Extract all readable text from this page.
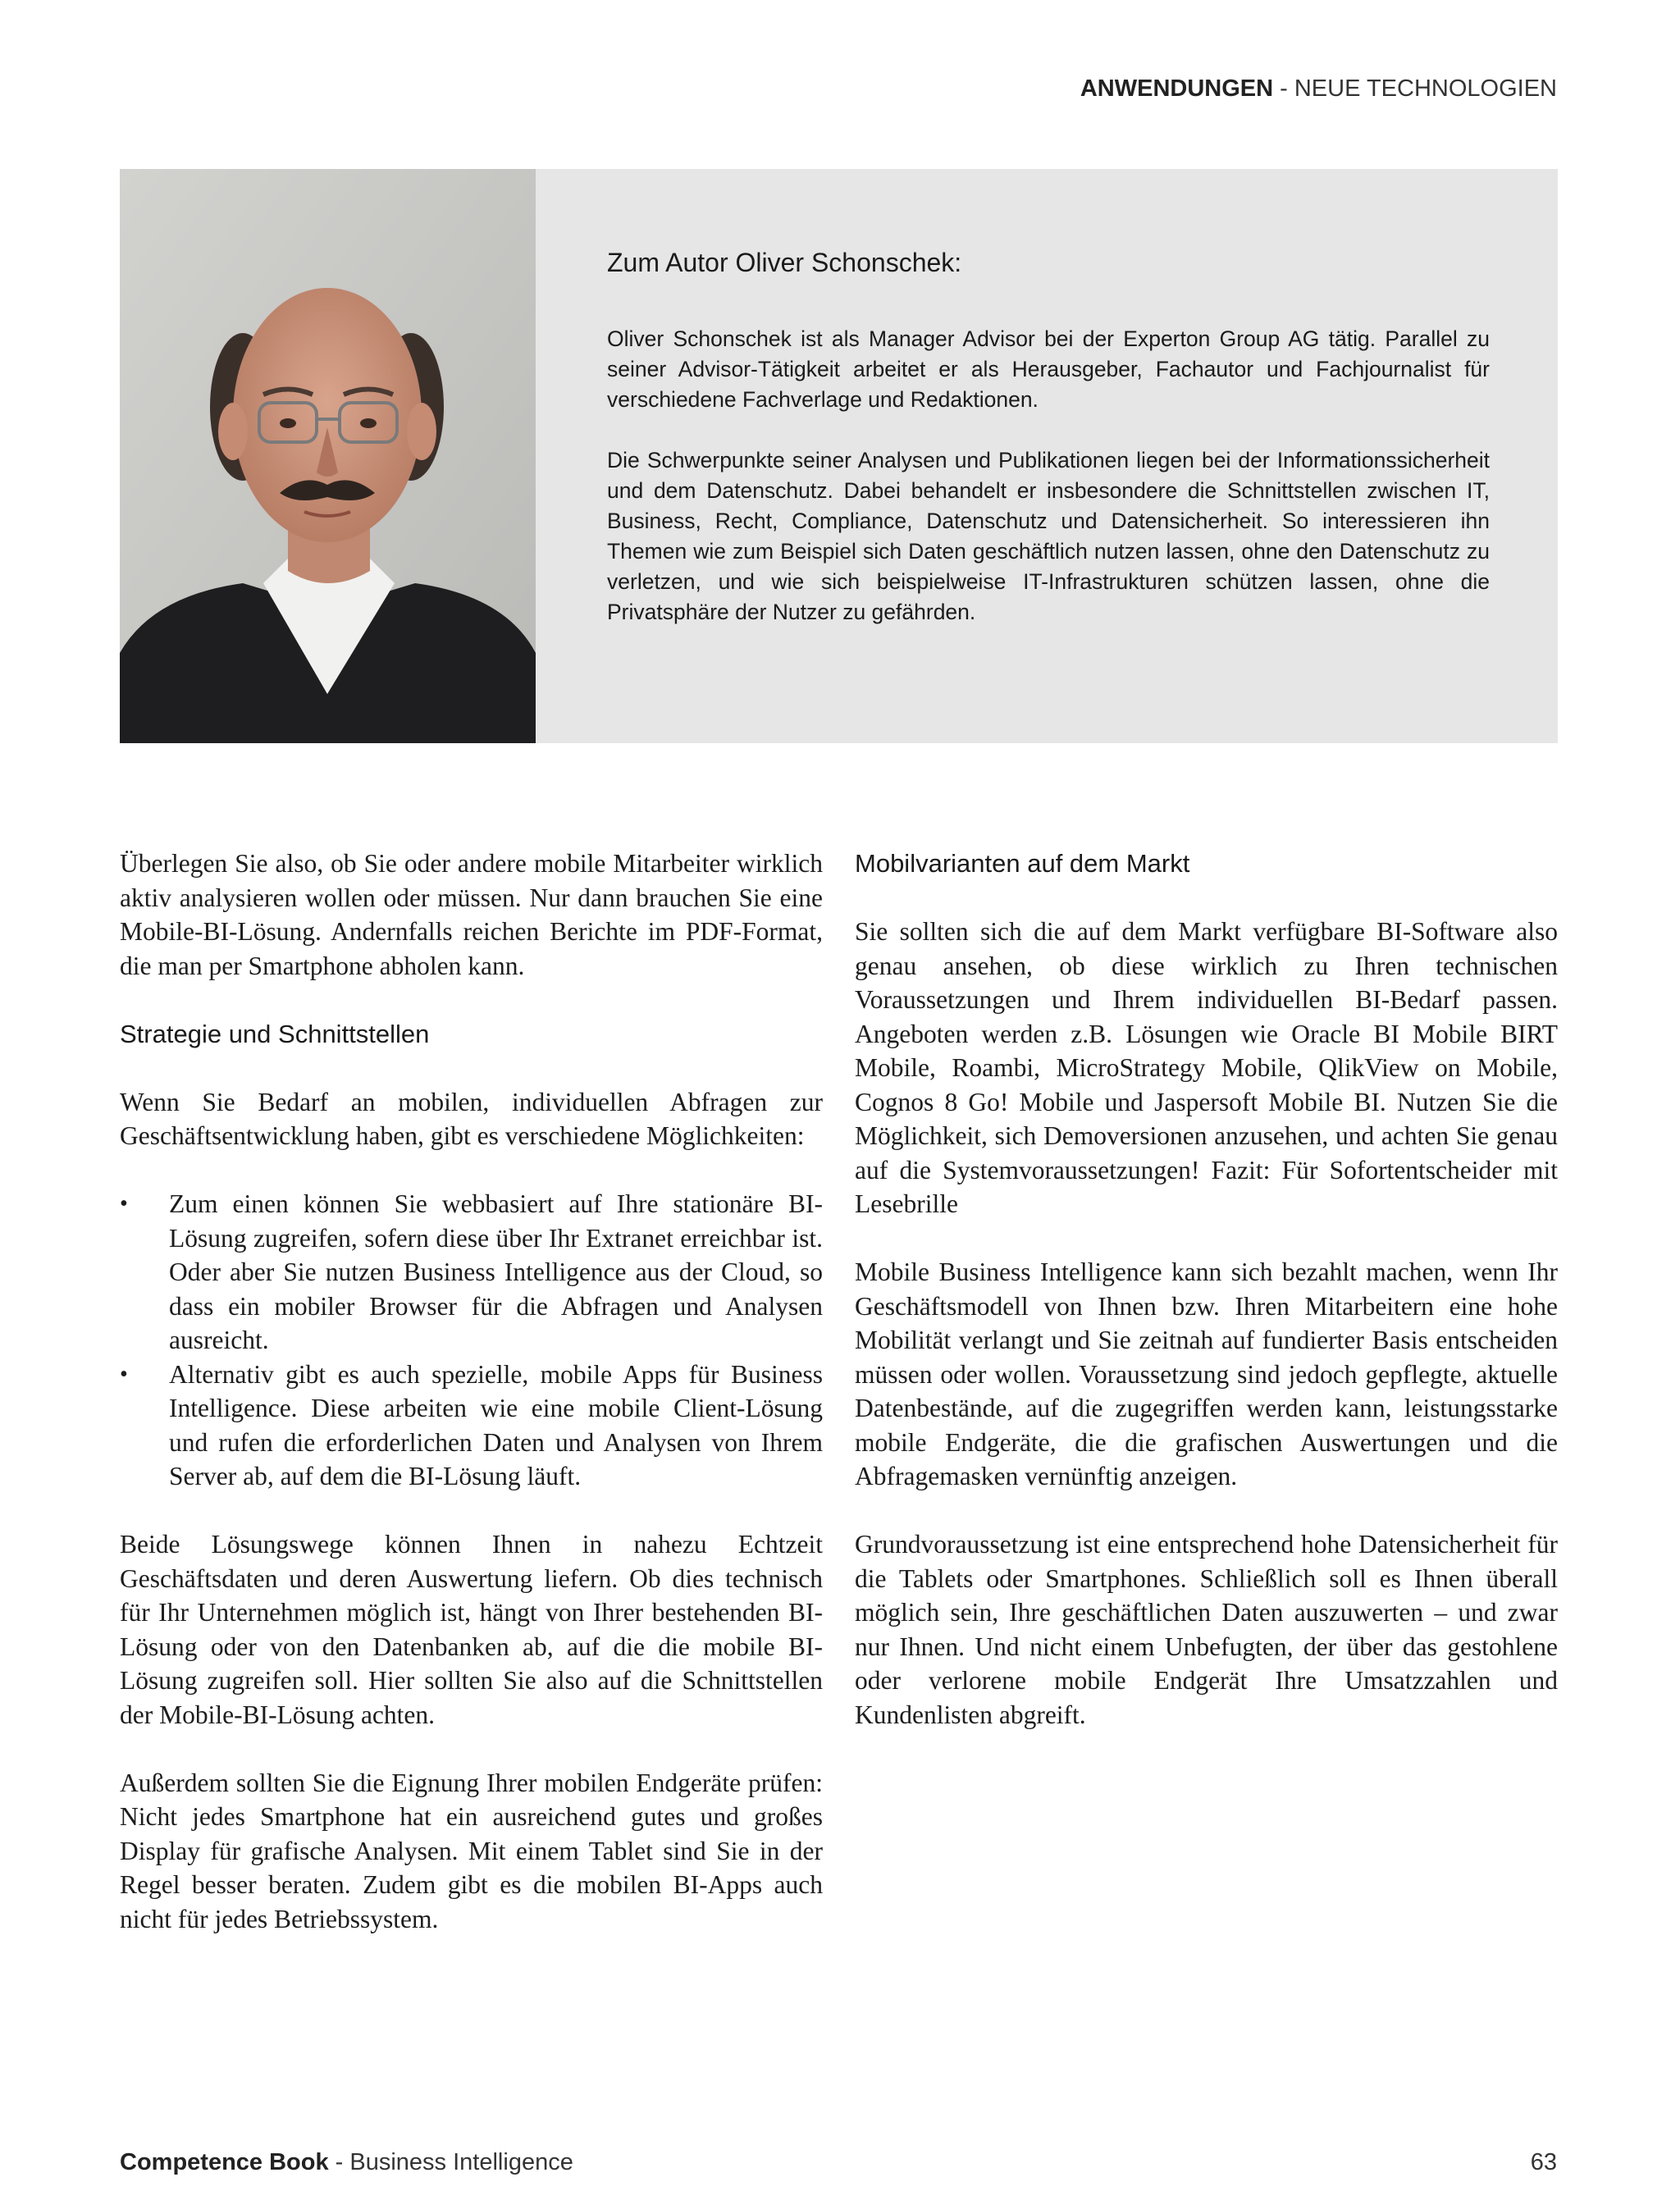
ANWENDUNGEN - NEUE TECHNOLOGIEN
Zum Autor Oliver Schonschek:

Oliver Schonschek ist als Manager Advisor bei der Experton Group AG tätig. Parallel zu seiner Advisor-Tätigkeit arbeitet er als Herausgeber, Fachautor und Fachjournalist für verschiedene Fachverlage und Redaktionen.

Die Schwerpunkte seiner Analysen und Publikationen liegen bei der Informationssicherheit und dem Datenschutz. Dabei behandelt er insbesondere die Schnittstellen zwischen IT, Business, Recht, Compliance, Datenschutz und Datensicherheit. So interessieren ihn Themen wie zum Beispiel sich Daten geschäftlich nutzen lassen, ohne den Datenschutz zu verletzen, und wie sich beispielweise IT-Infrastrukturen schützen lassen, ohne die Privatsphäre der Nutzer zu gefährden.

Überlegen Sie also, ob Sie oder andere mobile Mitarbeiter wirklich aktiv analysieren wollen oder müssen. Nur dann brauchen Sie eine Mobile-BI-Lösung. Andernfalls reichen Berichte im PDF-Format, die man per Smartphone abholen kann.

Strategie und Schnittstellen

Wenn Sie Bedarf an mobilen, individuellen Abfragen zur Geschäftsentwicklung haben, gibt es verschiedene Möglichkeiten:

• Zum einen können Sie webbasiert auf Ihre stationäre BI-Lösung zugreifen, sofern diese über Ihr Extranet erreichbar ist. Oder aber Sie nutzen Business Intelligence aus der Cloud, so dass ein mobiler Browser für die Abfragen und Analysen ausreicht.
• Alternativ gibt es auch spezielle, mobile Apps für Business Intelligence. Diese arbeiten wie eine mobile Client-Lösung und rufen die erforderlichen Daten und Analysen von Ihrem Server ab, auf dem die BI-Lösung läuft.

Beide Lösungswege können Ihnen in nahezu Echtzeit Geschäftsdaten und deren Auswertung liefern. Ob dies technisch für Ihr Unternehmen möglich ist, hängt von Ihrer bestehenden BI-Lösung oder von den Datenbanken ab, auf die die mobile BI-Lösung zugreifen soll. Hier sollten Sie also auf die Schnittstellen der Mobile-BI-Lösung achten.

Außerdem sollten Sie die Eignung Ihrer mobilen Endgeräte prüfen: Nicht jedes Smartphone hat ein ausreichend gutes und großes Display für grafische Analysen. Mit einem Tablet sind Sie in der Regel besser beraten. Zudem gibt es die mobilen BI-Apps auch nicht für jedes Betriebssystem.

Mobilvarianten auf dem Markt

Sie sollten sich die auf dem Markt verfügbare BI-Software also genau ansehen, ob diese wirklich zu Ihren technischen Voraussetzungen und Ihrem individuellen BI-Bedarf passen. Angeboten werden z.B. Lösungen wie Oracle BI Mobile BIRT Mobile, Roambi, MicroStrategy Mobile, QlikView on Mobile, Cognos 8 Go! Mobile und Jaspersoft Mobile BI. Nutzen Sie die Möglichkeit, sich Demoversionen anzusehen, und achten Sie genau auf die Systemvoraussetzungen! Fazit: Für Sofortentscheider mit Lesebrille

Mobile Business Intelligence kann sich bezahlt machen, wenn Ihr Geschäftsmodell von Ihnen bzw. Ihren Mitarbeitern eine hohe Mobilität verlangt und Sie zeitnah auf fundierter Basis entscheiden müssen oder wollen. Voraussetzung sind jedoch gepflegte, aktuelle Datenbestände, auf die zugegriffen werden kann, leistungsstarke mobile Endgeräte, die die grafischen Auswertungen und die Abfragemasken vernünftig anzeigen.

Grundvoraussetzung ist eine entsprechend hohe Datensicherheit für die Tablets oder Smartphones. Schließlich soll es Ihnen überall möglich sein, Ihre geschäftlichen Daten auszuwerten – und zwar nur Ihnen. Und nicht einem Unbefugten, der über das gestohlene oder verlorene mobile Endgerät Ihre Umsatzzahlen und Kundenlisten abgreift.

Competence Book - Business Intelligence	63
